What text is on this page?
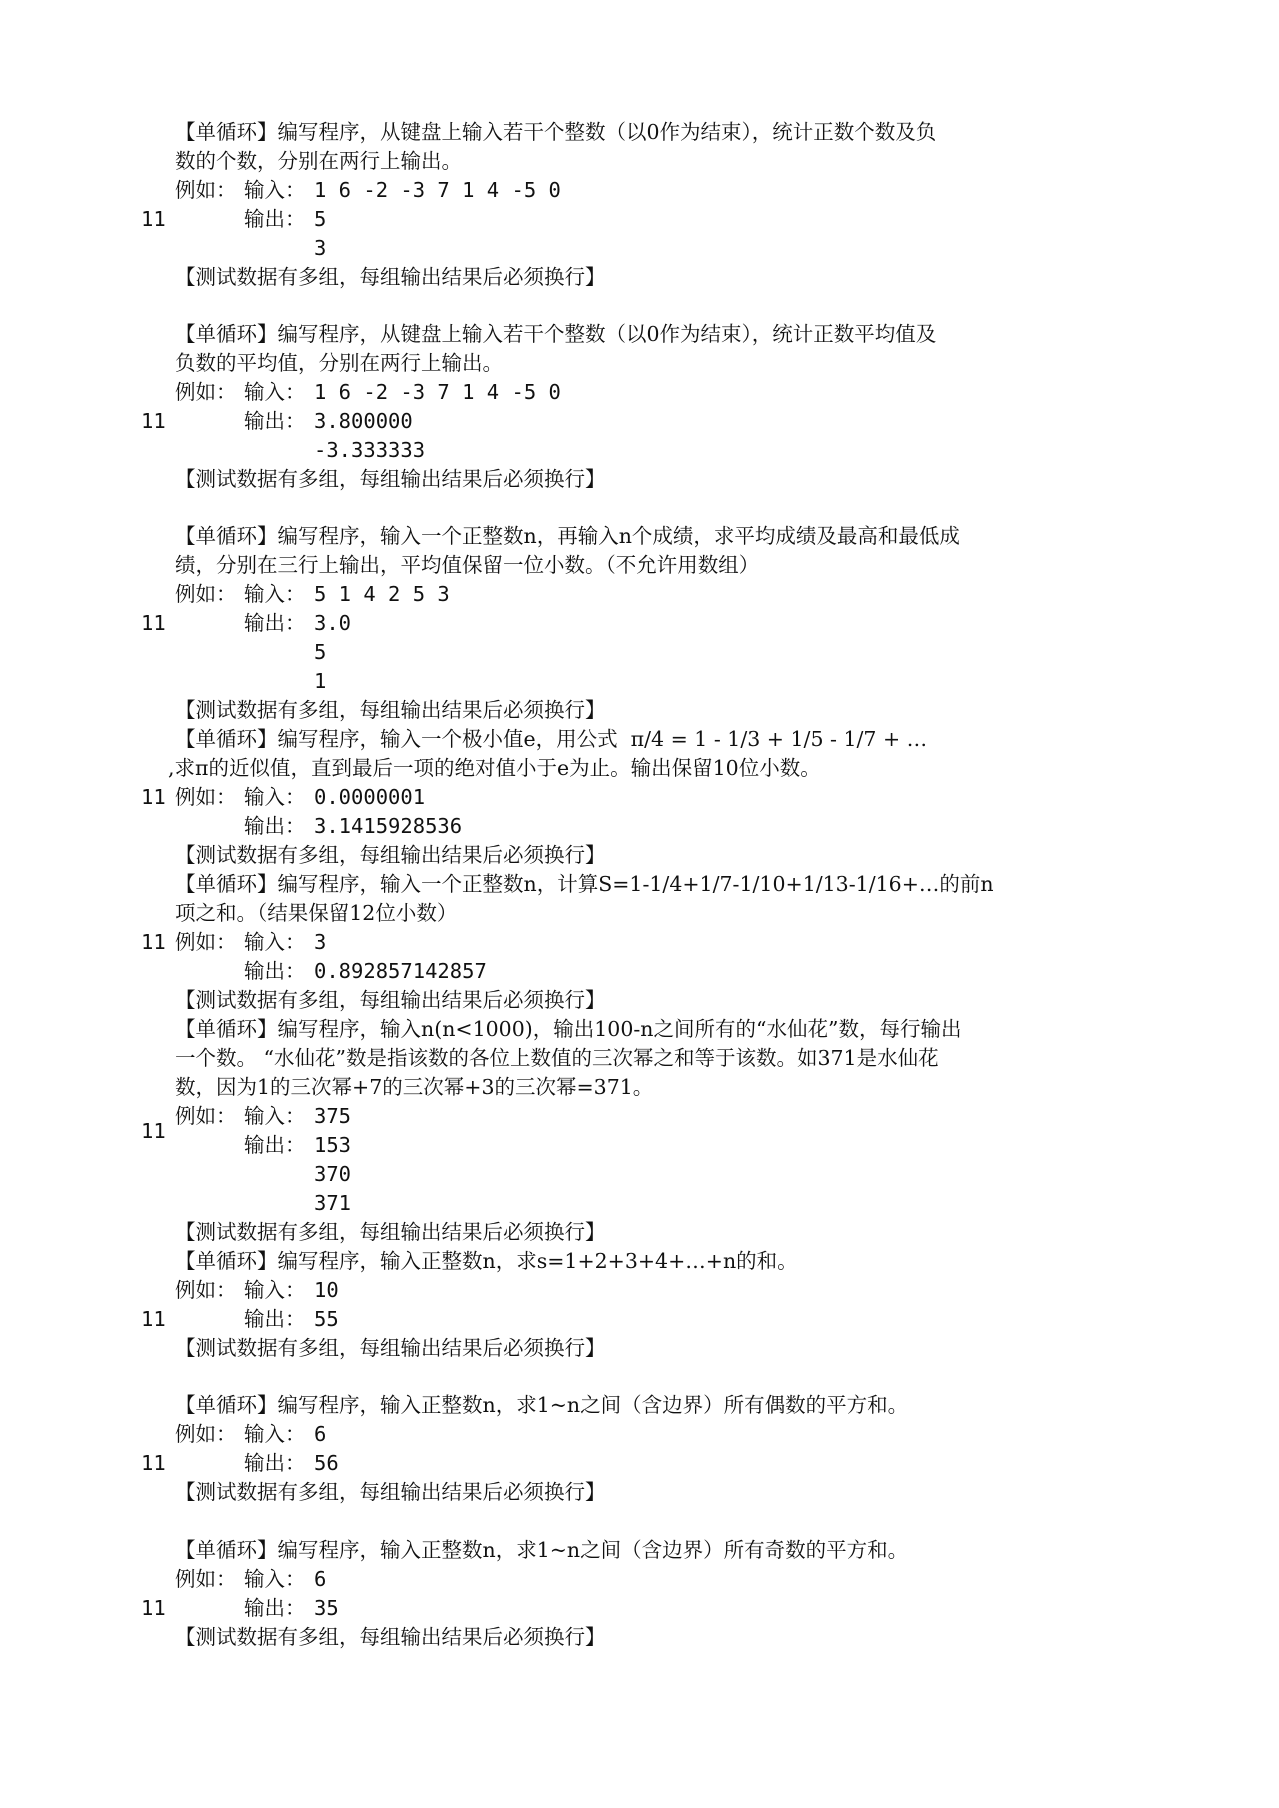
【单循环】编写程序，从键盘上输入若干个整数（以0作为结束），统计正数个数及负
数的个数，分别在两行上输出。
例如： 输入： 1 6 -2 -3 7 1 4 -5 0
11	输出： 5
3
【测试数据有多组，每组输出结果后必须换行】
【单循环】编写程序，从键盘上输入若干个整数（以0作为结束），统计正数平均值及
负数的平均值，分别在两行上输出。
例如： 输入： 1 6 -2 -3 7 1 4 -5 0
11	输出： 3.800000
-3.333333
【测试数据有多组，每组输出结果后必须换行】
【单循环】编写程序，输入一个正整数n，再输入n个成绩，求平均成绩及最高和最低成
绩，分别在三行上输出，平均值保留一位小数。（不允许用数组）
例如： 输入： 5 1 4 2 5 3
11	输出： 3.0
5
1
【测试数据有多组，每组输出结果后必须换行】
【单循环】编写程序，输入一个极小值e，用公式  π/4 = 1 - 1/3 + 1/5 - 1/7 + …
,求π的近似值，直到最后一项的绝对值小于e为止。输出保留10位小数。
11 例如： 输入： 0.0000001
输出： 3.1415928536
【测试数据有多组，每组输出结果后必须换行】
【单循环】编写程序，输入一个正整数n，计算S=1-1/4+1/7-1/10+1/13-1/16+…的前n
项之和。（结果保留12位小数）
11 例如： 输入： 3
输出： 0.892857142857
【测试数据有多组，每组输出结果后必须换行】
【单循环】编写程序，输入n(n<1000)，输出100-n之间所有的“水仙花”数，每行输出
一个数。 “水仙花”数是指该数的各位上数值的三次幂之和等于该数。如371是水仙花
数，因为1的三次幂+7的三次幂+3的三次幂=371。
例如： 输入： 375
11
输出： 153
370
371
【测试数据有多组，每组输出结果后必须换行】
【单循环】编写程序，输入正整数n，求s=1+2+3+4+…+n的和。
例如： 输入： 10
11	输出： 55
【测试数据有多组，每组输出结果后必须换行】
【单循环】编写程序，输入正整数n，求1~n之间（含边界）所有偶数的平方和。
例如： 输入： 6
11	输出： 56
【测试数据有多组，每组输出结果后必须换行】
【单循环】编写程序，输入正整数n，求1~n之间（含边界）所有奇数的平方和。
例如： 输入： 6
11	输出： 35
【测试数据有多组，每组输出结果后必须换行】
